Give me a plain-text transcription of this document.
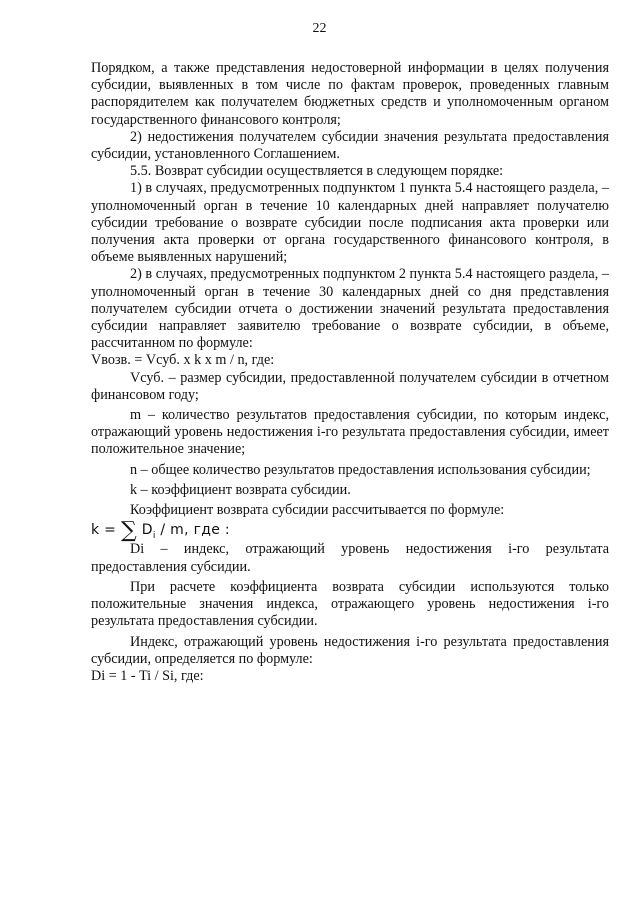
22

Порядком, а также представления недостоверной информации в целях получения субсидии, выявленных в том числе по фактам проверок, проведенных главным распорядителем как получателем бюджетных средств и уполномоченным органом государственного финансового контроля;

2) недостижения получателем субсидии значения результата предоставления субсидии, установленного Соглашением.

5.5. Возврат субсидии осуществляется в следующем порядке:

1) в случаях, предусмотренных подпунктом 1 пункта 5.4 настоящего раздела, – уполномоченный орган в течение 10 календарных дней направляет получателю субсидии требование о возврате субсидии после подписания акта проверки или получения акта проверки от органа государственного финансового контроля, в объеме выявленных нарушений;

2) в случаях, предусмотренных подпунктом 2 пункта 5.4 настоящего раздела, – уполномоченный орган в течение 30 календарных дней со дня представления получателем субсидии отчета о достижении значений результата предоставления субсидии направляет заявителю требование о возврате субсидии, в объеме, рассчитанном по формуле:

Vвозв. = Vсуб. x k x m / n, где:

Vсуб. – размер субсидии, предоставленной получателем субсидии в отчетном финансовом году;

m – количество результатов предоставления субсидии, по которым индекс, отражающий уровень недостижения i-го результата предоставления субсидии, имеет положительное значение;

n – общее количество результатов предоставления использования субсидии;

k – коэффициент возврата субсидии.

Коэффициент возврата субсидии рассчитывается по формуле:

k = ∑ $D_i$ / m, где :

Di – индекс, отражающий уровень недостижения i-го результата предоставления субсидии.

При расчете коэффициента возврата субсидии используются только положительные значения индекса, отражающего уровень недостижения i-го результата предоставления субсидии.

Индекс, отражающий уровень недостижения i-го результата предоставления субсидии, определяется по формуле:

Di = 1 - Ti / Si, где:
